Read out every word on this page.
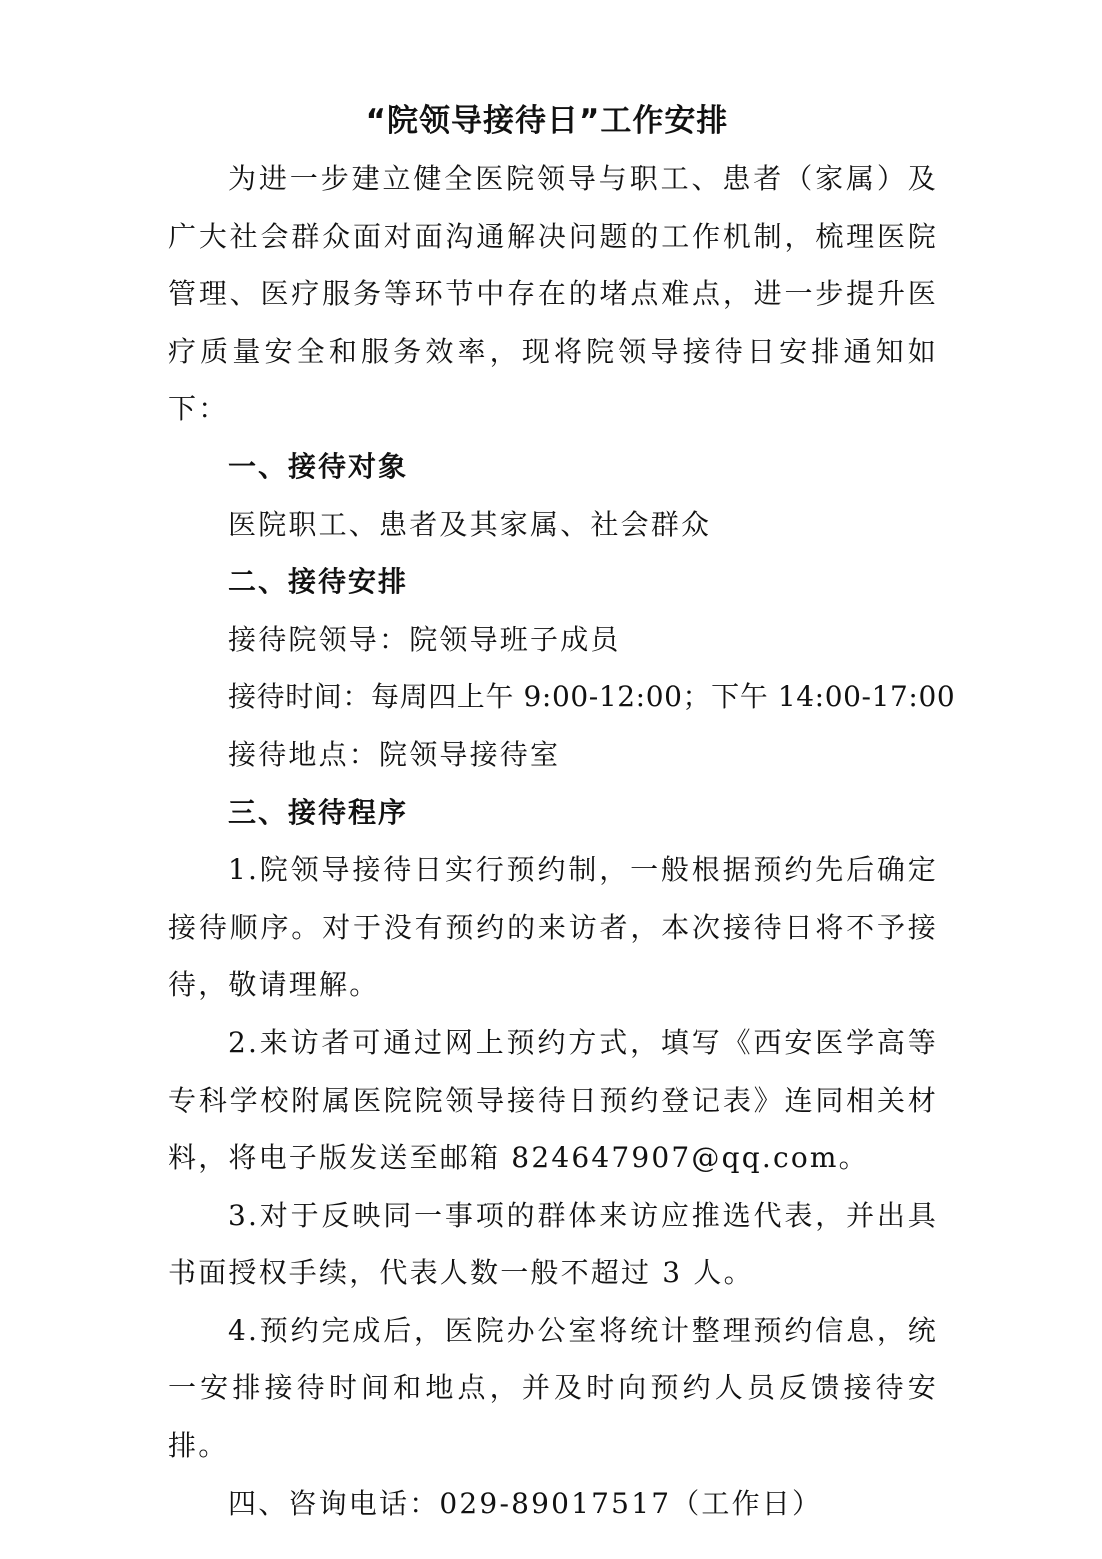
“院领导接待日”工作安排

为进一步建立健全医院领导与职工、患者（家属）及广大社会群众面对面沟通解决问题的工作机制，梳理医院管理、医疗服务等环节中存在的堵点难点，进一步提升医疗质量安全和服务效率，现将院领导接待日安排通知如下：

一、接待对象

医院职工、患者及其家属、社会群众

二、接待安排

接待院领导：院领导班子成员

接待时间：每周四上午 9:00-12:00；下午 14:00-17:00

接待地点：院领导接待室

三、接待程序

1.院领导接待日实行预约制，一般根据预约先后确定接待顺序。对于没有预约的来访者，本次接待日将不予接待，敬请理解。

2.来访者可通过网上预约方式，填写《西安医学高等专科学校附属医院院领导接待日预约登记表》连同相关材料，将电子版发送至邮箱 824647907@qq.com。

3.对于反映同一事项的群体来访应推选代表，并出具书面授权手续，代表人数一般不超过 3 人。

4.预约完成后，医院办公室将统计整理预约信息，统一安排接待时间和地点，并及时向预约人员反馈接待安排。

四、咨询电话：029-89017517（工作日）
